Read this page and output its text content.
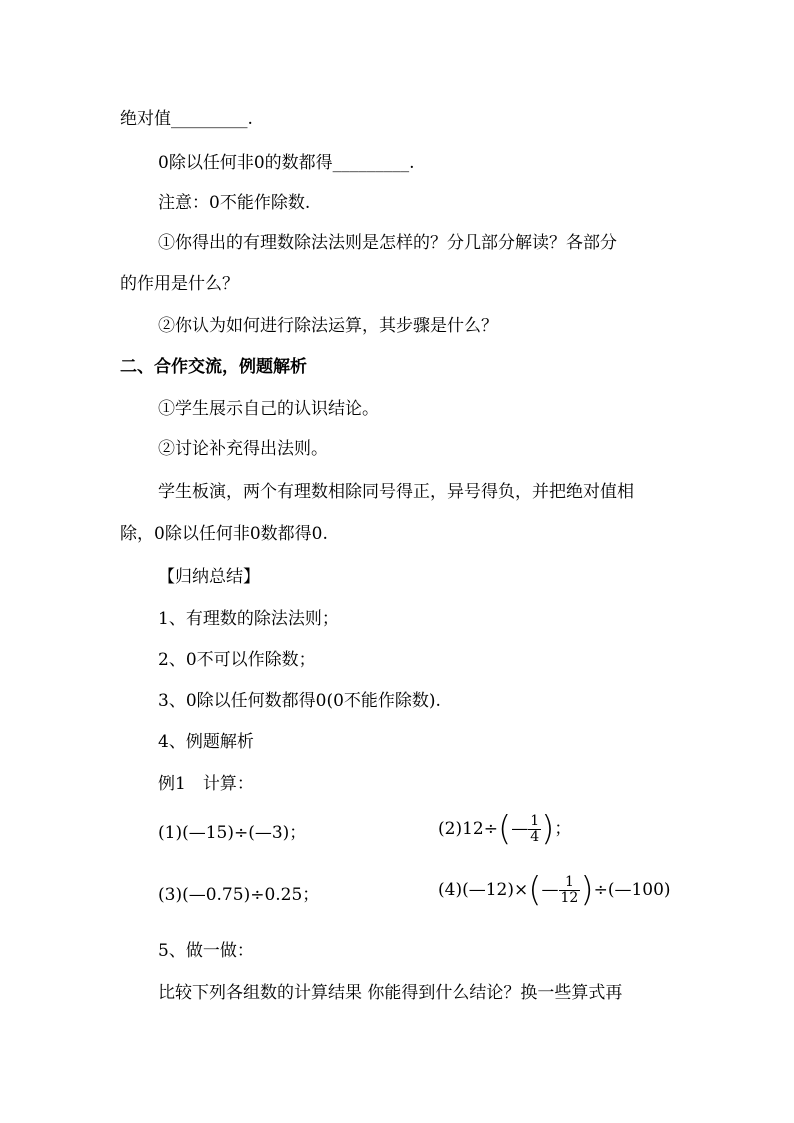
绝对值_________.
0除以任何非0的数都得_________.
注意：0不能作除数.
①你得出的有理数除法法则是怎样的？分几部分解读？各部分
的作用是什么？
②你认为如何进行除法运算，其步骤是什么？
二、合作交流，例题解析
①学生展示自己的认识结论。
②讨论补充得出法则。
学生板演，两个有理数相除同号得正，异号得负，并把绝对值相
除，0除以任何非0数都得0.
【归纳总结】
1、有理数的除法法则；
2、0不可以作除数；
3、0除以任何数都得0(0不能作除数).
4、例题解析
例1　计算：
(1)(—15)÷(—3)；	(2)12÷ ( — $\frac{1}{4}$ ) ；
(3)(—0.75)÷0.25；	(4)(—12)× ( — $\frac{1}{12}$ ) ÷(—100)
5、做一做：
比较下列各组数的计算结果 你能得到什么结论？换一些算式再
